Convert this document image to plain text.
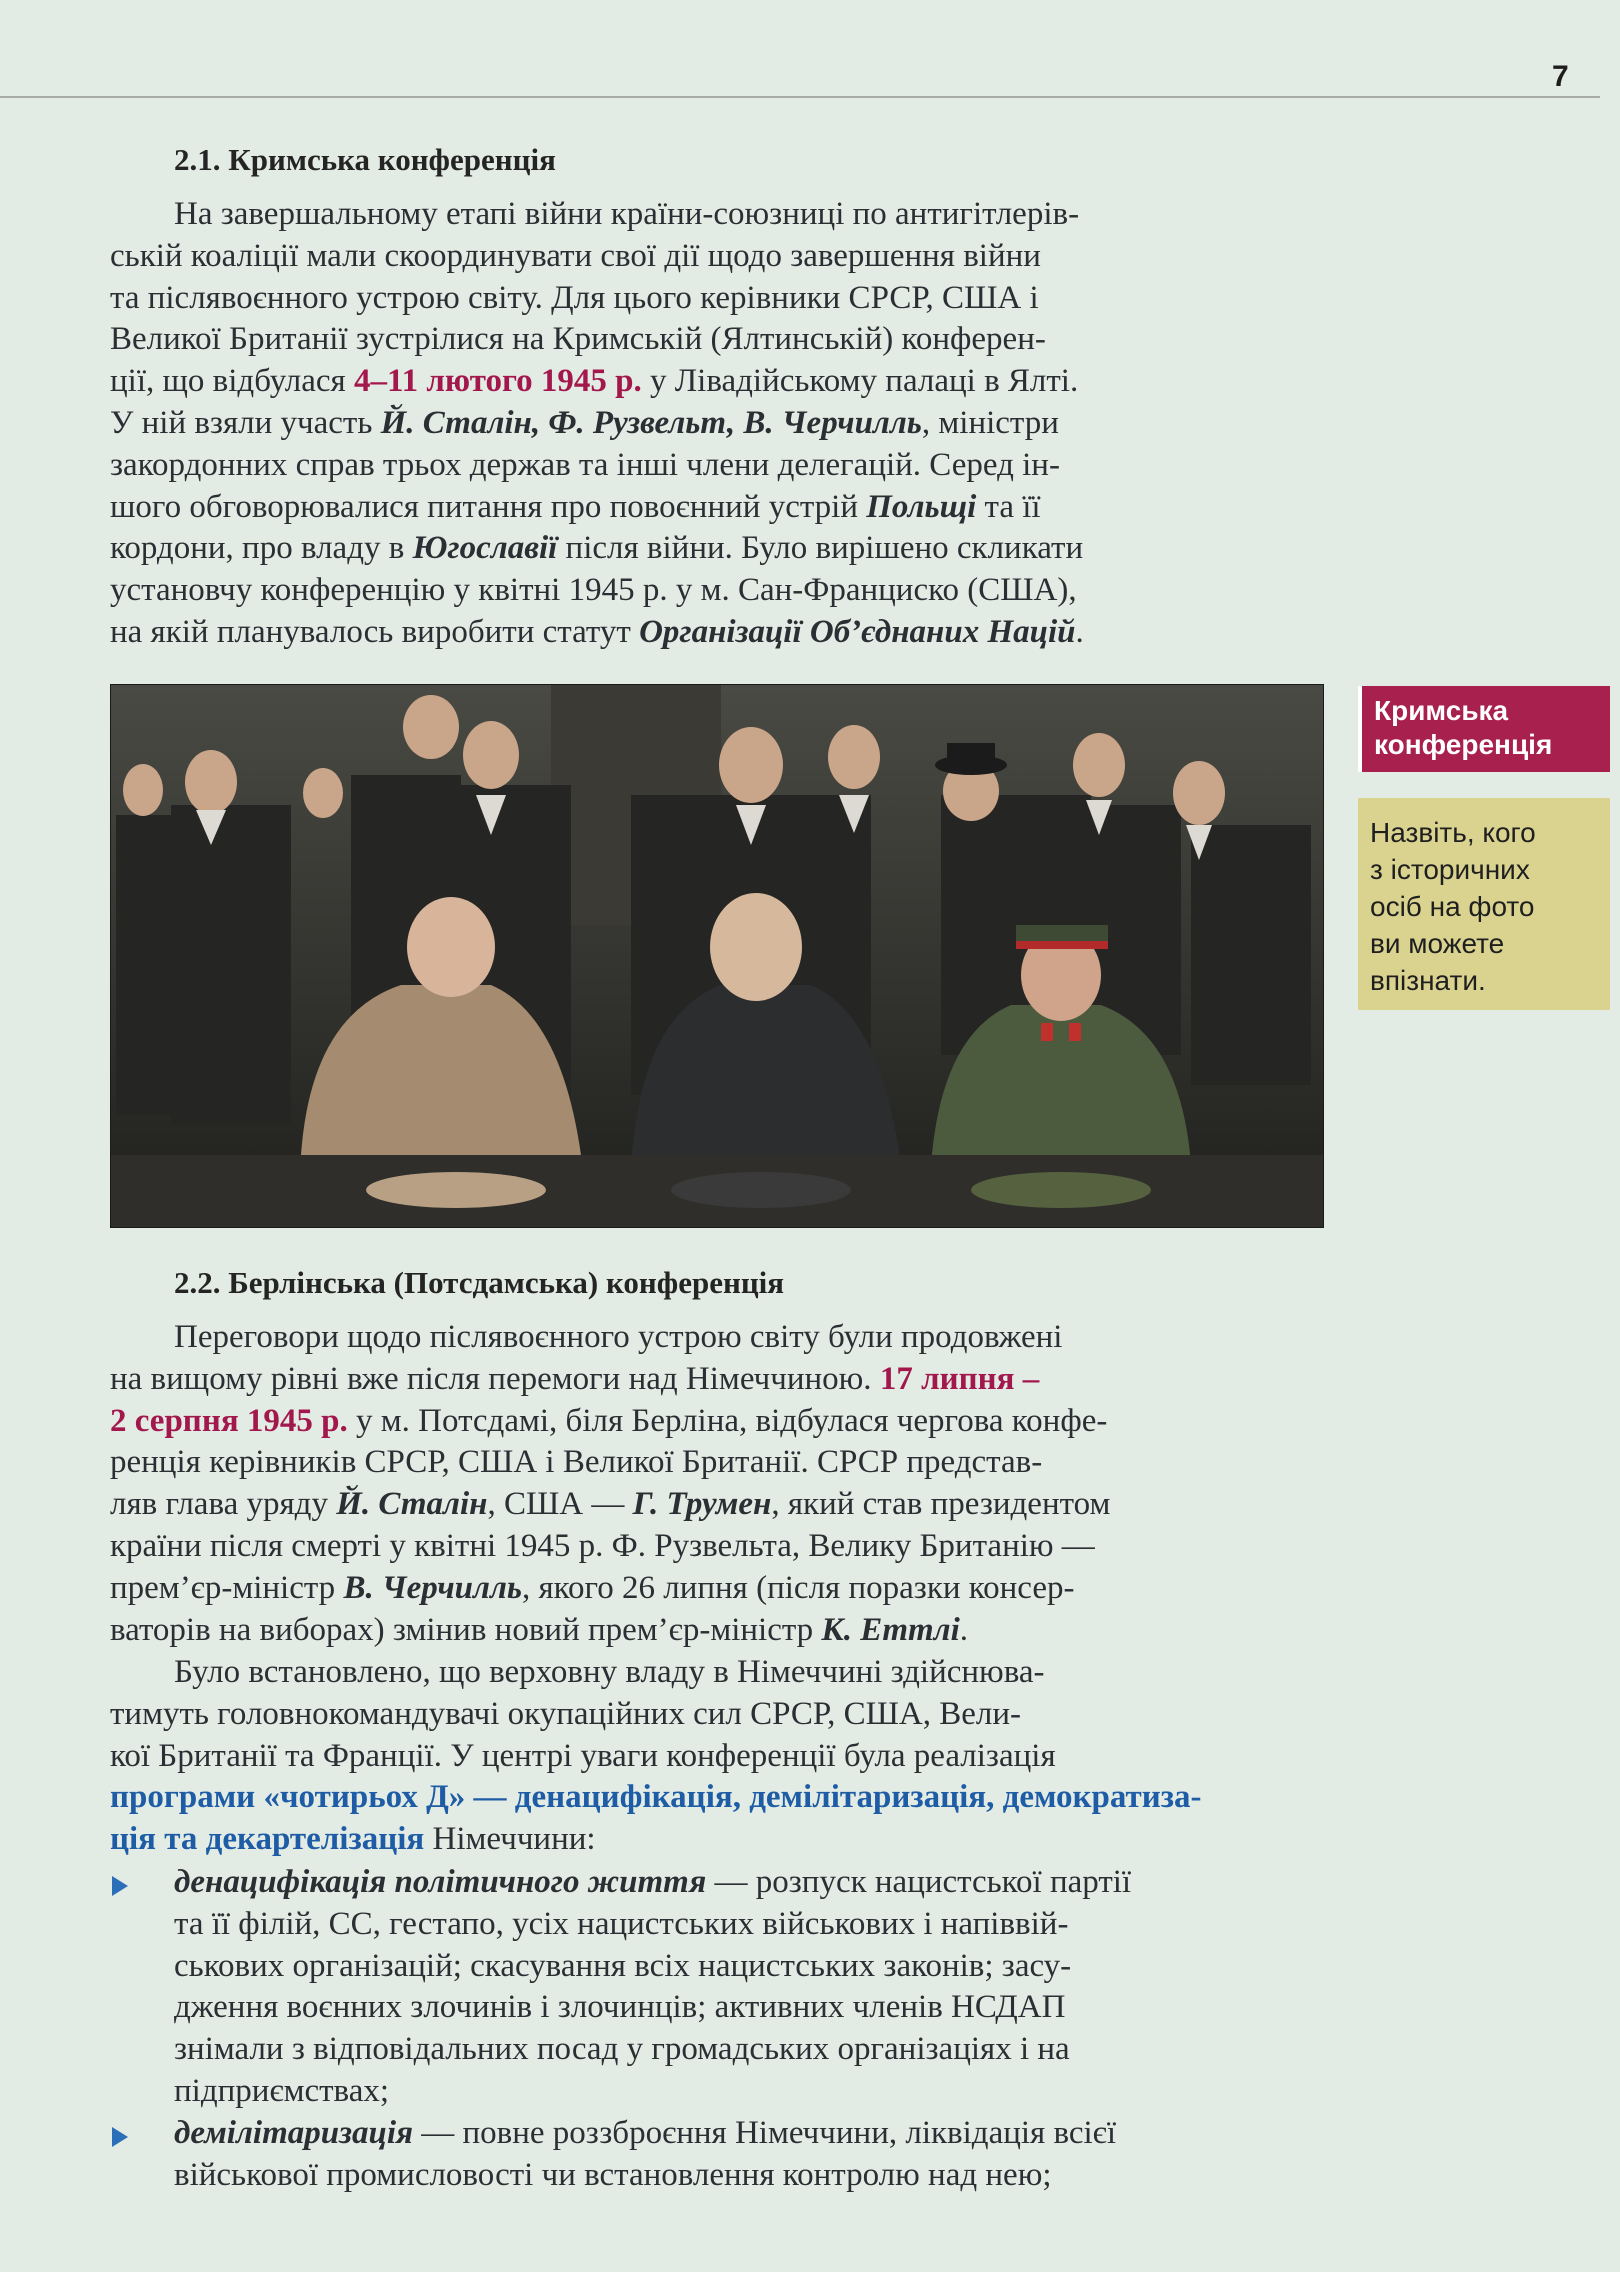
7
2.1. Кримська конференція
На завершальному етапі війни країни-союзниці по антигітлерів-
ській коаліції мали скоординувати свої дії щодо завершення війни
та післявоєнного устрою світу. Для цього керівники СРСР, США і
Великої Британії зустрілися на Кримській (Ялтинській) конферен-
ції, що відбулася 4–11 лютого 1945 р. у Лівадійському палаці в Ялті.
У ній взяли участь Й. Сталін, Ф. Рузвельт, В. Черчилль, міністри
закордонних справ трьох держав та інші члени делегацій. Серед ін-
шого обговорювалися питання про повоєнний устрій Польщі та її
кордони, про владу в Югославії після війни. Було вирішено скликати
установчу конференцію у квітні 1945 р. у м. Сан-Франциско (США),
на якій планувалось виробити статут Організації Об’єднаних Націй.
Кримська
конференція
Назвіть, кого
з історичних
осіб на фото
ви можете
впізнати.
2.2. Берлінська (Потсдамська) конференція
Переговори щодо післявоєнного устрою світу були продовжені
на вищому рівні вже після перемоги над Німеччиною. 17 липня –
2 серпня 1945 р. у м. Потсдамі, біля Берліна, відбулася чергова конфе-
ренція керівників СРСР, США і Великої Британії. СРСР представ-
ляв глава уряду Й. Сталін, США — Г. Трумен, який став президентом
країни після смерті у квітні 1945 р. Ф. Рузвельта, Велику Британію —
прем’єр-міністр В. Черчилль, якого 26 липня (після поразки консер-
ваторів на виборах) змінив новий прем’єр-міністр К. Еттлі.
Було встановлено, що верховну владу в Німеччині здійснюва-
тимуть головнокомандувачі окупаційних сил СРСР, США, Вели-
кої Британії та Франції. У центрі уваги конференції була реалізація
програми «чотирьох Д» — денацифікація, демілітаризація, демократиза-
ція та декартелізація Німеччини:
денацифікація політичного життя — розпуск нацистської партії
та її філій, СС, гестапо, усіх нацистських військових і напіввій-
ськових організацій; скасування всіх нацистських законів; засу-
дження воєнних злочинів і злочинців; активних членів НСДАП
знімали з відповідальних посад у громадських організаціях і на
підприємствах;
демілітаризація — повне роззброєння Німеччини, ліквідація всієї
військової промисловості чи встановлення контролю над нею;
